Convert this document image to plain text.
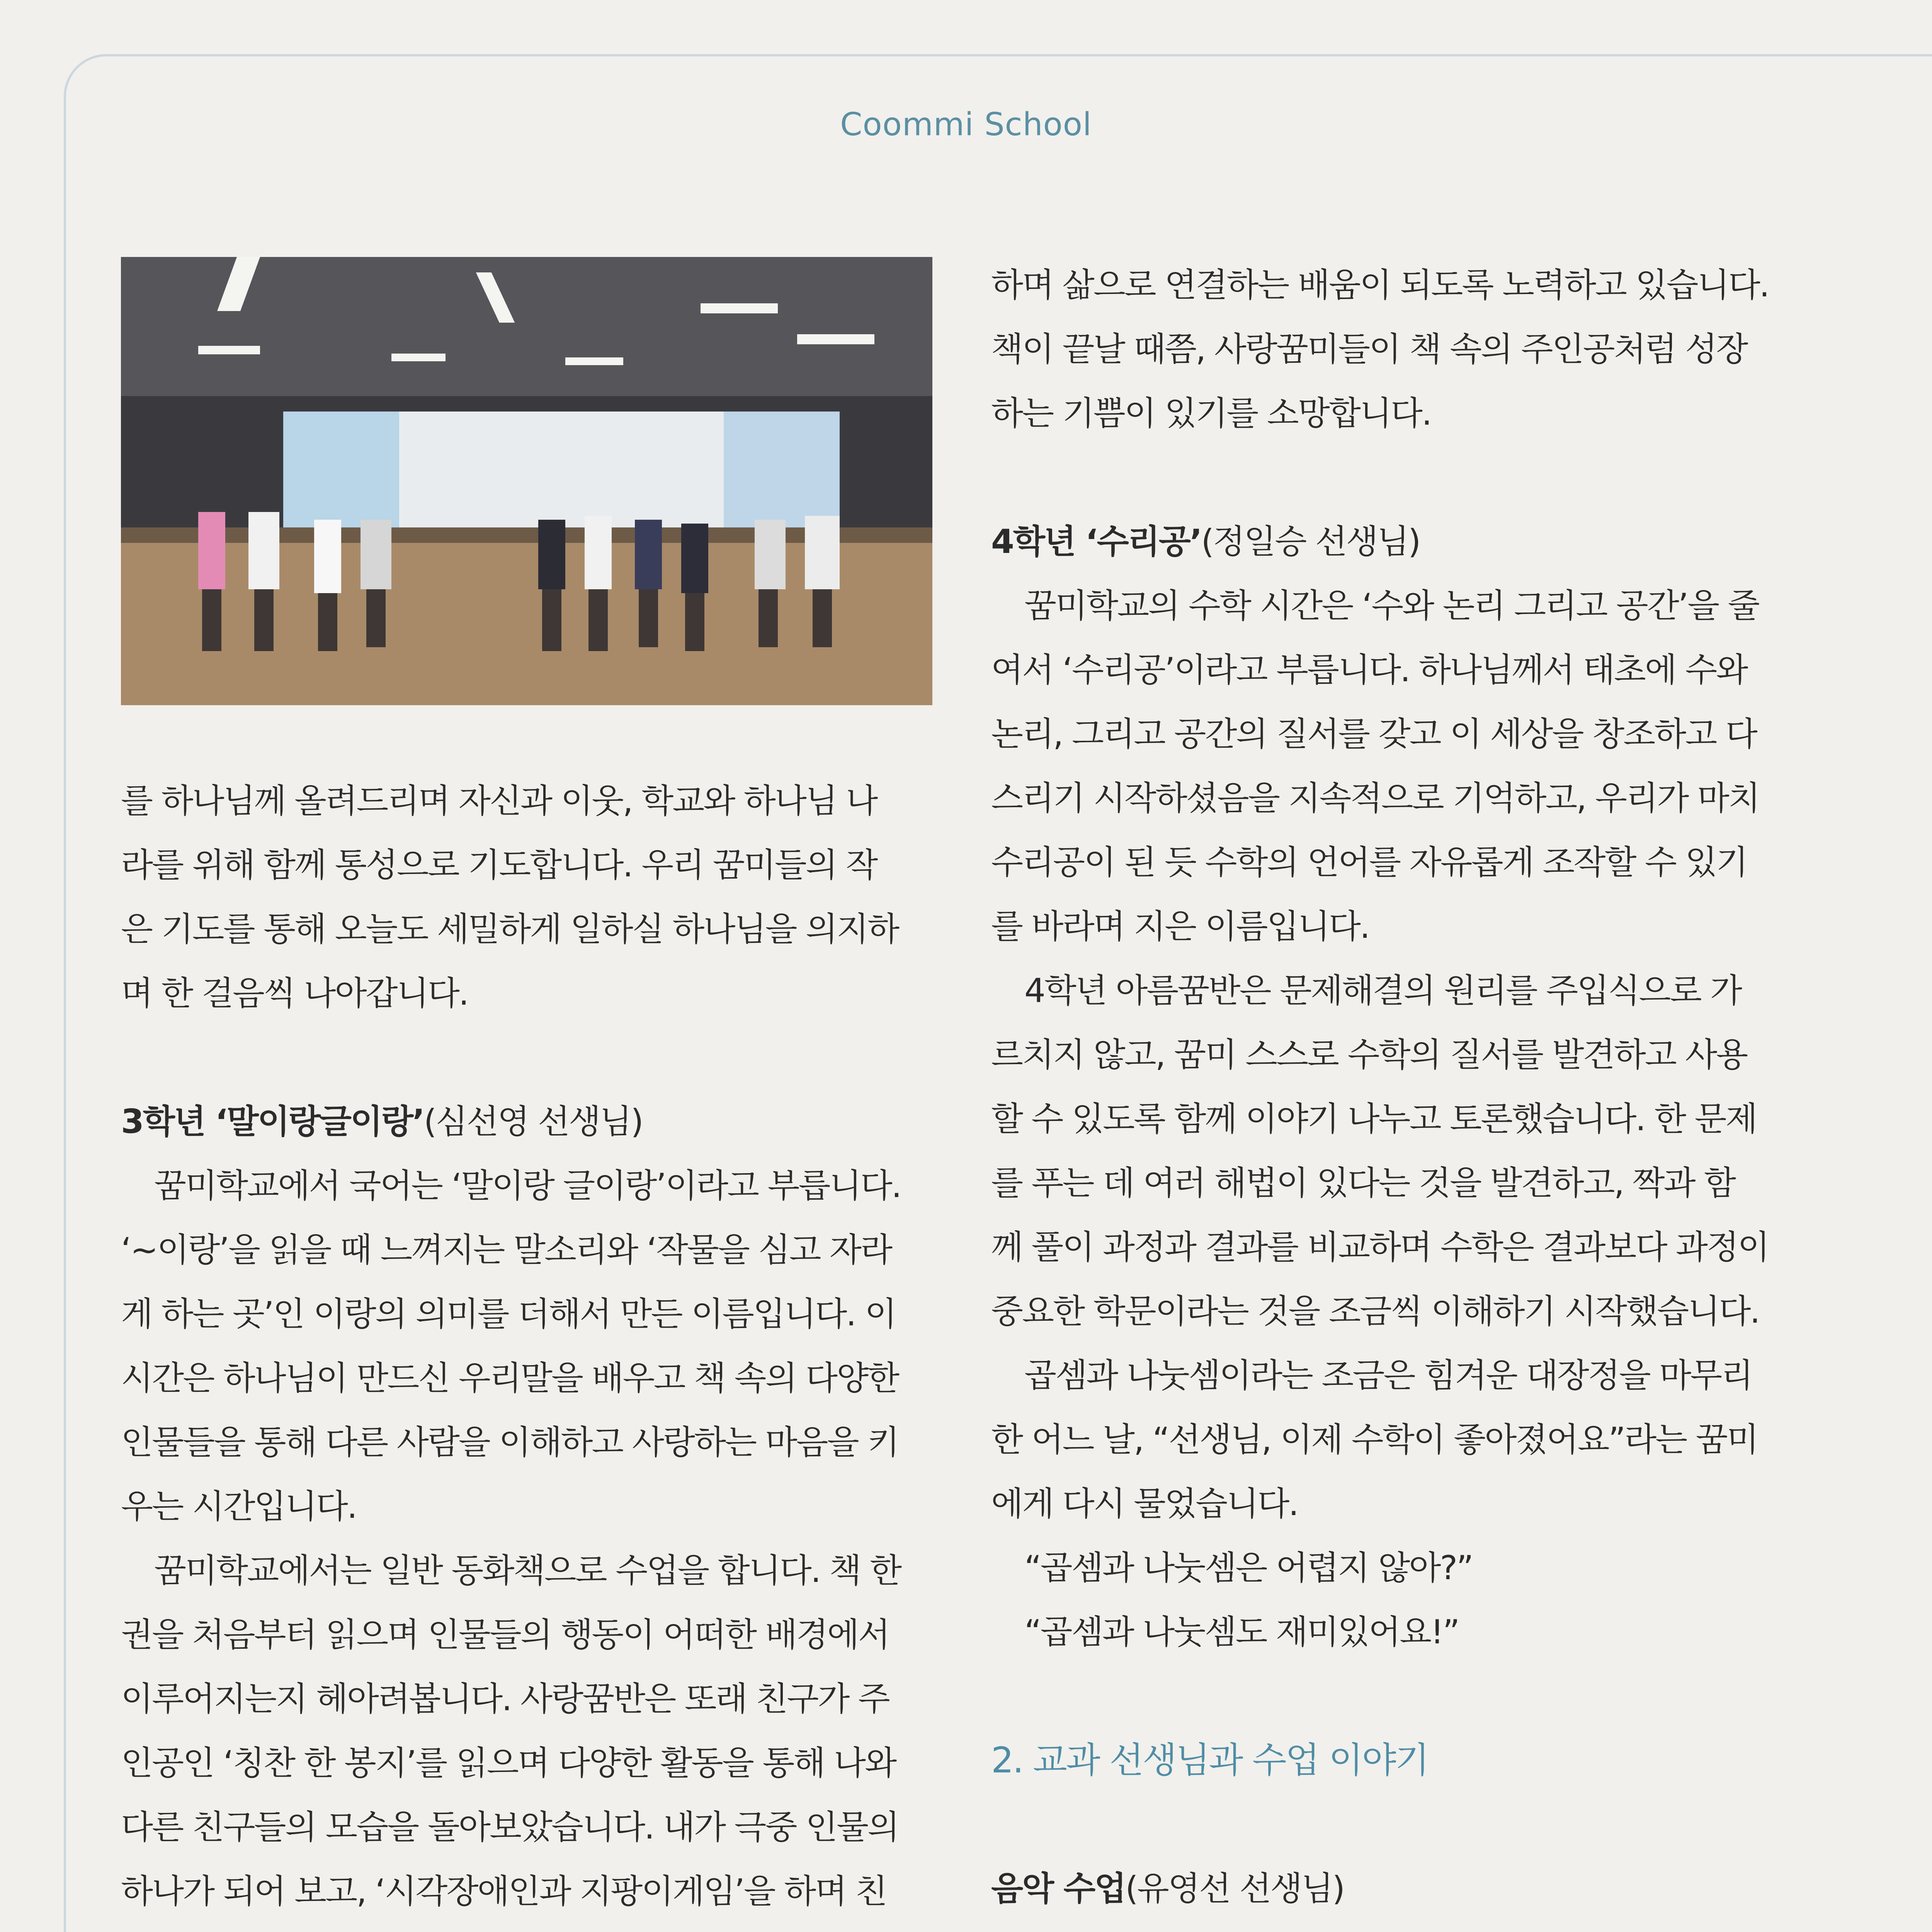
Coommi School

를 하나님께 올려드리며 자신과 이웃, 학교와 하나님 나

라를 위해 함께 통성으로 기도합니다. 우리 꿈미들의 작

은 기도를 통해 오늘도 세밀하게 일하실 하나님을 의지하

며 한 걸음씩 나아갑니다.

3학년 ‘말이랑글이랑’(심선영 선생님)

꿈미학교에서 국어는 ‘말이랑 글이랑’이라고 부릅니다.

‘~이랑’을 읽을 때 느껴지는 말소리와 ‘작물을 심고 자라

게 하는 곳’인 이랑의 의미를 더해서 만든 이름입니다. 이

시간은 하나님이 만드신 우리말을 배우고 책 속의 다양한

인물들을 통해 다른 사람을 이해하고 사랑하는 마음을 키

우는 시간입니다.

꿈미학교에서는 일반 동화책으로 수업을 합니다. 책 한

권을 처음부터 읽으며 인물들의 행동이 어떠한 배경에서

이루어지는지 헤아려봅니다. 사랑꿈반은 또래 친구가 주

인공인 ‘칭찬 한 봉지’를 읽으며 다양한 활동을 통해 나와

다른 친구들의 모습을 돌아보았습니다. 내가 극중 인물의

하나가 되어 보고, ‘시각장애인과 지팡이게임’을 하며 친

하며 삶으로 연결하는 배움이 되도록 노력하고 있습니다.

책이 끝날 때쯤, 사랑꿈미들이 책 속의 주인공처럼 성장

하는 기쁨이 있기를 소망합니다.

4학년 ‘수리공’(정일승 선생님)

꿈미학교의 수학 시간은 ‘수와 논리 그리고 공간’을 줄

여서 ‘수리공’이라고 부릅니다. 하나님께서 태초에 수와

논리, 그리고 공간의 질서를 갖고 이 세상을 창조하고 다

스리기 시작하셨음을 지속적으로 기억하고, 우리가 마치

수리공이 된 듯 수학의 언어를 자유롭게 조작할 수 있기

를 바라며 지은 이름입니다.

4학년 아름꿈반은 문제해결의 원리를 주입식으로 가

르치지 않고, 꿈미 스스로 수학의 질서를 발견하고 사용

할 수 있도록 함께 이야기 나누고 토론했습니다. 한 문제

를 푸는 데 여러 해법이 있다는 것을 발견하고, 짝과 함

께 풀이 과정과 결과를 비교하며 수학은 결과보다 과정이

중요한 학문이라는 것을 조금씩 이해하기 시작했습니다.

곱셈과 나눗셈이라는 조금은 힘겨운 대장정을 마무리

한 어느 날, “선생님, 이제 수학이 좋아졌어요”라는 꿈미

에게 다시 물었습니다.

“곱셈과 나눗셈은 어렵지 않아?”

“곱셈과 나눗셈도 재미있어요!”

2. 교과 선생님과 수업 이야기

음악 수업(유영선 선생님)
